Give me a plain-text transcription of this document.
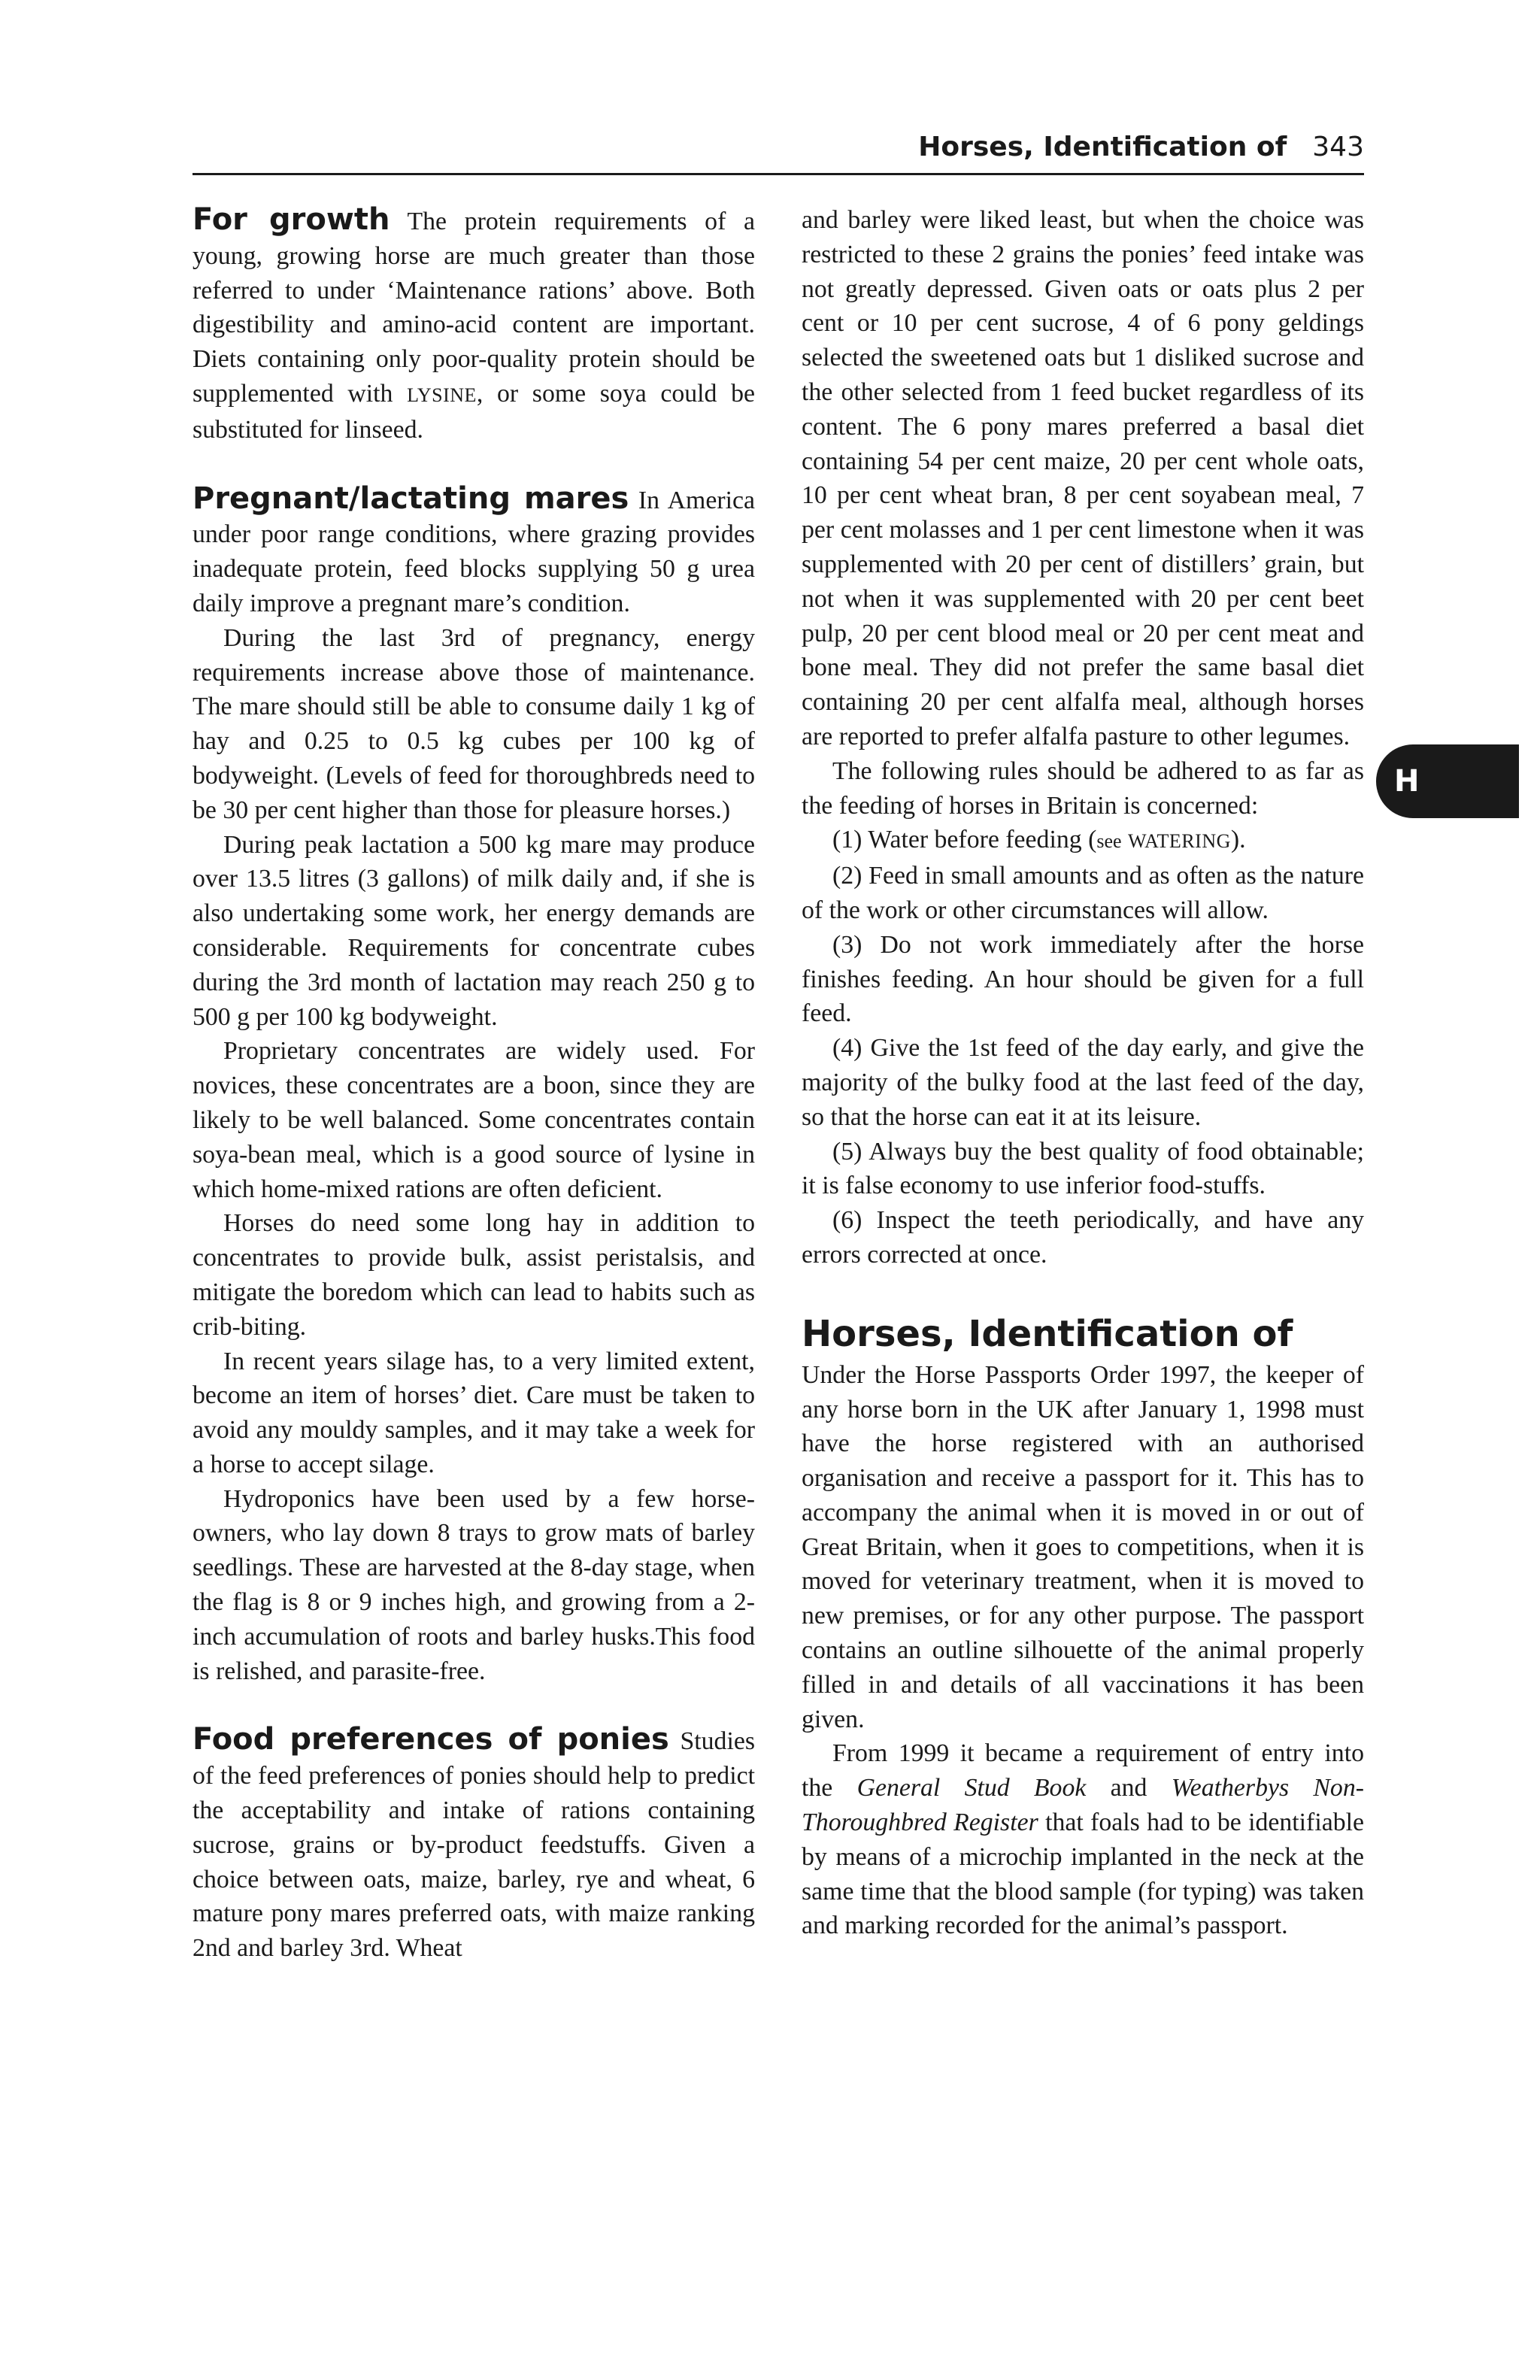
Horses, Identification of 343
H

For growth The protein requirements of a young, growing horse are much greater than those referred to under ‘Maintenance rations’ above. Both digestibility and amino-acid content are important. Diets containing only poor-quality protein should be supplemented with LYSINE, or some soya could be substituted for linseed.

Pregnant/lactating mares In America under poor range conditions, where grazing provides inadequate protein, feed blocks supplying 50 g urea daily improve a pregnant mare’s condition.

During the last 3rd of pregnancy, energy requirements increase above those of maintenance. The mare should still be able to consume daily 1 kg of hay and 0.25 to 0.5 kg cubes per 100 kg of bodyweight. (Levels of feed for thoroughbreds need to be 30 per cent higher than those for pleasure horses.)

During peak lactation a 500 kg mare may produce over 13.5 litres (3 gallons) of milk daily and, if she is also undertaking some work, her energy demands are considerable. Requirements for concentrate cubes during the 3rd month of lactation may reach 250 g to 500 g per 100 kg bodyweight.

Proprietary concentrates are widely used. For novices, these concentrates are a boon, since they are likely to be well balanced. Some concentrates contain soya-bean meal, which is a good source of lysine in which home-mixed rations are often deficient.

Horses do need some long hay in addition to concentrates to provide bulk, assist peristalsis, and mitigate the boredom which can lead to habits such as crib-biting.

In recent years silage has, to a very limited extent, become an item of horses’ diet. Care must be taken to avoid any mouldy samples, and it may take a week for a horse to accept silage.

Hydroponics have been used by a few horse-owners, who lay down 8 trays to grow mats of barley seedlings. These are harvested at the 8-day stage, when the flag is 8 or 9 inches high, and growing from a 2-inch accumulation of roots and barley husks.This food is relished, and parasite-free.

Food preferences of ponies Studies of the feed preferences of ponies should help to predict the acceptability and intake of rations containing sucrose, grains or by-product feedstuffs. Given a choice between oats, maize, barley, rye and wheat, 6 mature pony mares preferred oats, with maize ranking 2nd and barley 3rd. Wheat

and barley were liked least, but when the choice was restricted to these 2 grains the ponies’ feed intake was not greatly depressed. Given oats or oats plus 2 per cent or 10 per cent sucrose, 4 of 6 pony geldings selected the sweetened oats but 1 disliked sucrose and the other selected from 1 feed bucket regardless of its content. The 6 pony mares preferred a basal diet containing 54 per cent maize, 20 per cent whole oats, 10 per cent wheat bran, 8 per cent soyabean meal, 7 per cent molasses and 1 per cent limestone when it was supplemented with 20 per cent of distillers’ grain, but not when it was supplemented with 20 per cent beet pulp, 20 per cent blood meal or 20 per cent meat and bone meal. They did not prefer the same basal diet containing 20 per cent alfalfa meal, although horses are reported to prefer alfalfa pasture to other legumes.

The following rules should be adhered to as far as the feeding of horses in Britain is concerned:

(1) Water before feeding (see WATERING).

(2) Feed in small amounts and as often as the nature of the work or other circumstances will allow.

(3) Do not work immediately after the horse finishes feeding. An hour should be given for a full feed.

(4) Give the 1st feed of the day early, and give the majority of the bulky food at the last feed of the day, so that the horse can eat it at its leisure.

(5) Always buy the best quality of food obtainable; it is false economy to use inferior food-stuffs.

(6) Inspect the teeth periodically, and have any errors corrected at once.

Horses, Identification of

Under the Horse Passports Order 1997, the keeper of any horse born in the UK after January 1, 1998 must have the horse registered with an authorised organisation and receive a passport for it. This has to accompany the animal when it is moved in or out of Great Britain, when it goes to competitions, when it is moved for veterinary treatment, when it is moved to new premises, or for any other purpose. The passport contains an outline silhouette of the animal properly filled in and details of all vaccinations it has been given.

From 1999 it became a requirement of entry into the General Stud Book and Weatherbys Non-Thoroughbred Register that foals had to be identifiable by means of a microchip implanted in the neck at the same time that the blood sample (for typing) was taken and marking recorded for the animal’s passport.
